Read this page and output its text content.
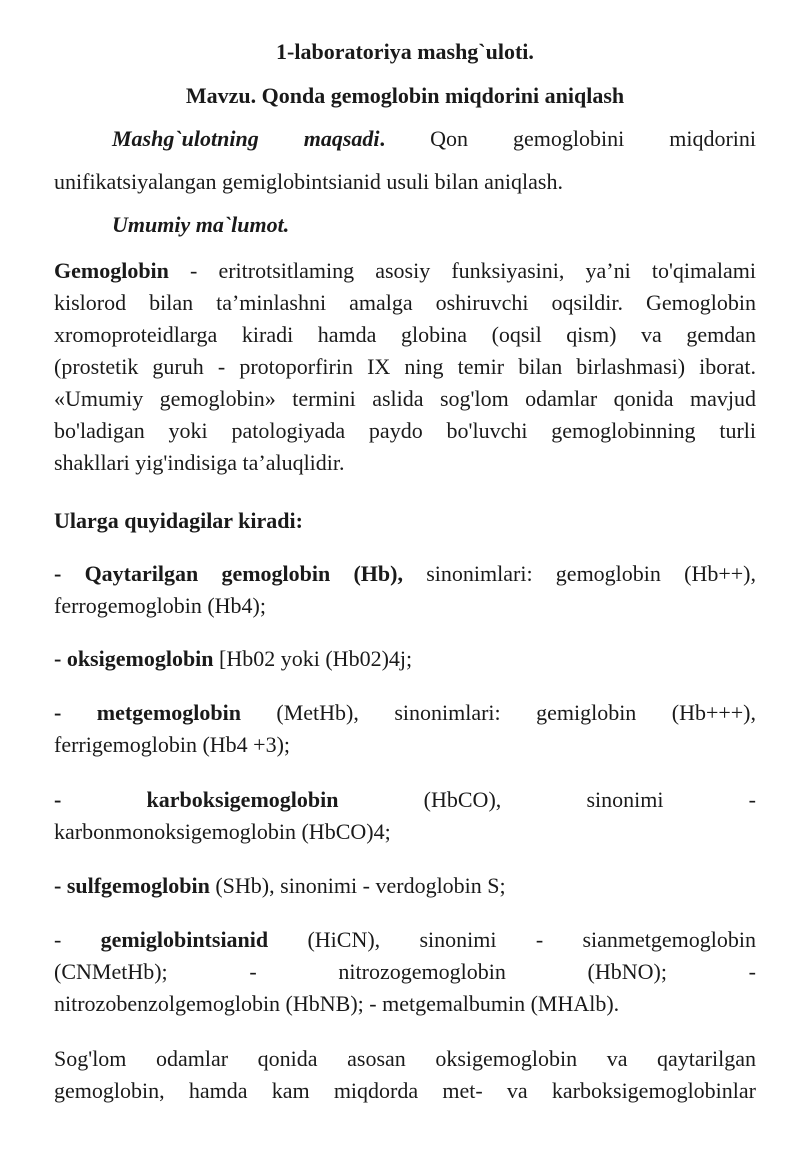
1-laboratoriya mashg`uloti.
Mavzu. Qonda gemoglobin miqdorini aniqlash
Mashg`ulotning maqsadi. Qon gemoglobini miqdorini
unifikatsiyalangan gemiglobintsianid usuli bilan aniqlash.
Umumiy ma`lumot.
Gemoglobin - eritrotsitlaming asosiy funksiyasini, ya’ni to'qimalami
kislorod bilan ta’minlashni amalga oshiruvchi oqsildir. Gemoglobin
xromoproteidlarga kiradi hamda globina (oqsil qism) va gemdan
(prostetik guruh - protoporfirin IX ning temir bilan birlashmasi) iborat.
«Umumiy gemoglobin» termini aslida sog'lom odamlar qonida mavjud
bo'ladigan yoki patologiyada paydo bo'luvchi gemoglobinning turli
shakllari yig'indisiga ta’aluqlidir.
Ularga quyidagilar kiradi:
- Qaytarilgan gemoglobin (Hb), sinonimlari: gemoglobin (Hb++),
ferrogemoglobin (Hb4);
- oksigemoglobin [Hb02 yoki (Hb02)4j;
- metgemoglobin (MetHb), sinonimlari: gemiglobin (Hb+++),
ferrigemoglobin (Hb4 +3);
-	karboksigemoglobin	(HbCO), sinonimi -
karbonmonoksigemoglobin (HbCO)4;
- sulfgemoglobin (SHb), sinonimi - verdoglobin S;
- gemiglobintsianid (HiCN), sinonimi - sianmetgemoglobin
(CNMetHb); - nitrozogemoglobin (HbNO); -
nitrozobenzolgemoglobin (HbNB); - metgemalbumin (MHAlb).
Sog'lom odamlar qonida asosan oksigemoglobin va qaytarilgan
gemoglobin, hamda kam miqdorda met- va karboksigemoglobinlar
